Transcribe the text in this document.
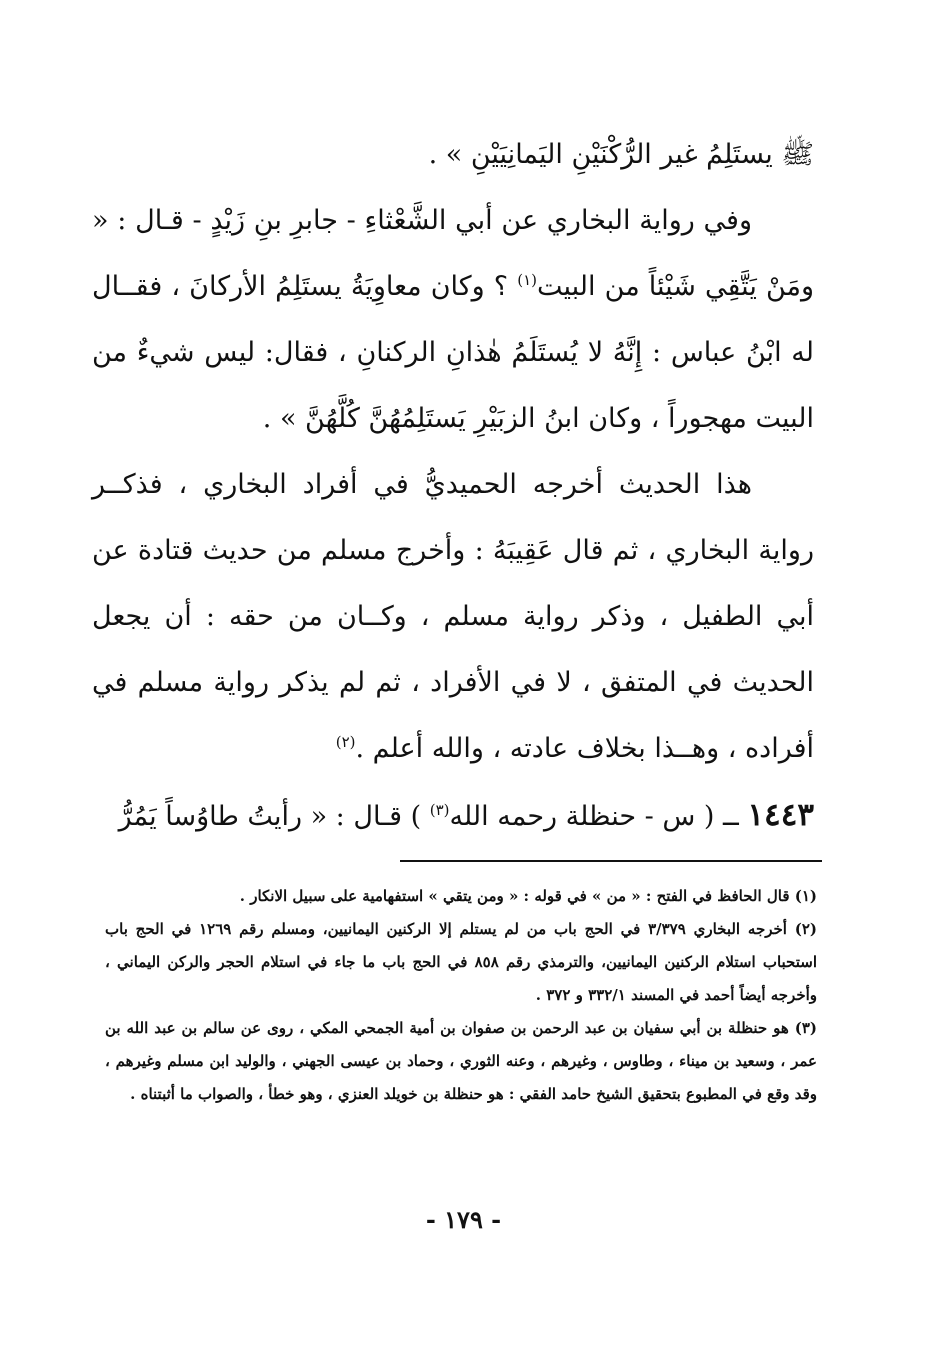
ﷺ يستَلِمُ غير الرُّكْنَيْنِ اليَمانِيَيْنِ » .

وفي رواية البخاري عن أبي الشَّعْثاءِ - جابرِ بنِ زَيْدٍ - قـال : « ومَنْ يَتَّقِي شَيْئاً من البيت$^{(١)}$ ؟ وكان معاوِيَةُ يستَلِمُ الأركانَ ، فقــال له ابْنُ عباس : إِنَّهُ لا يُستَلَمُ هٰذانِ الركنانِ ، فقال: ليس شيءٌ من البيت مهجوراً ، وكان ابنُ الزبَيْرِ يَستَلِمُهُنَّ كُلَّهُنَّ » .

هذا الحديث أخرجه الحميديُّ في أفراد البخاري ، فذكــر رواية البخاري ، ثم قال عَقِيبَهُ : وأخرج مسلم من حديث قتادة عن أبي الطفيل ، وذكر رواية مسلم ، وكــان من حقه : أن يجعل الحديث في المتفق ، لا في الأفراد ، ثم لم يذكر رواية مسلم في أفراده ، وهــذا بخلاف عادته ، والله أعلم .$^{(٢)}$

١٤٤٣ ــ ( س - حنظلة رحمه الله$^{(٣)}$ ) قـال : « رأيتُ طاوُساً يَمُرُّ

(١) قال الحافظ في الفتح : « من » في قوله : « ومن يتقي » استفهامية على سبيل الانكار .

(٢) أخرجه البخاري ٣/٣٧٩ في الحج باب من لم يستلم إلا الركنين اليمانيين، ومسلم رقم ١٢٦٩ في الحج باب استحباب استلام الركنين اليمانيين، والترمذي رقم ٨٥٨ في الحج باب ما جاء في استلام الحجر والركن اليماني ، وأخرجه أيضاً أحمد في المسند ٣٣٢/١ و ٣٧٢ .

(٣) هو حنظلة بن أبي سفيان بن عبد الرحمن بن صفوان بن أمية الجمحي المكي ، روى عن سالم بن عبد الله بن عمر ، وسعيد بن ميناء ، وطاوس ، وغيرهم ، وعنه الثوري ، وحماد بن عيسى الجهني ، والوليد ابن مسلم وغيرهم ، وقد وقع في المطبوع بتحقيق الشيخ حامد الفقي : هو حنظلة بن خويلد العنزي ، وهو خطأ ، والصواب ما أثبتناه .

- ١٧٩ -
